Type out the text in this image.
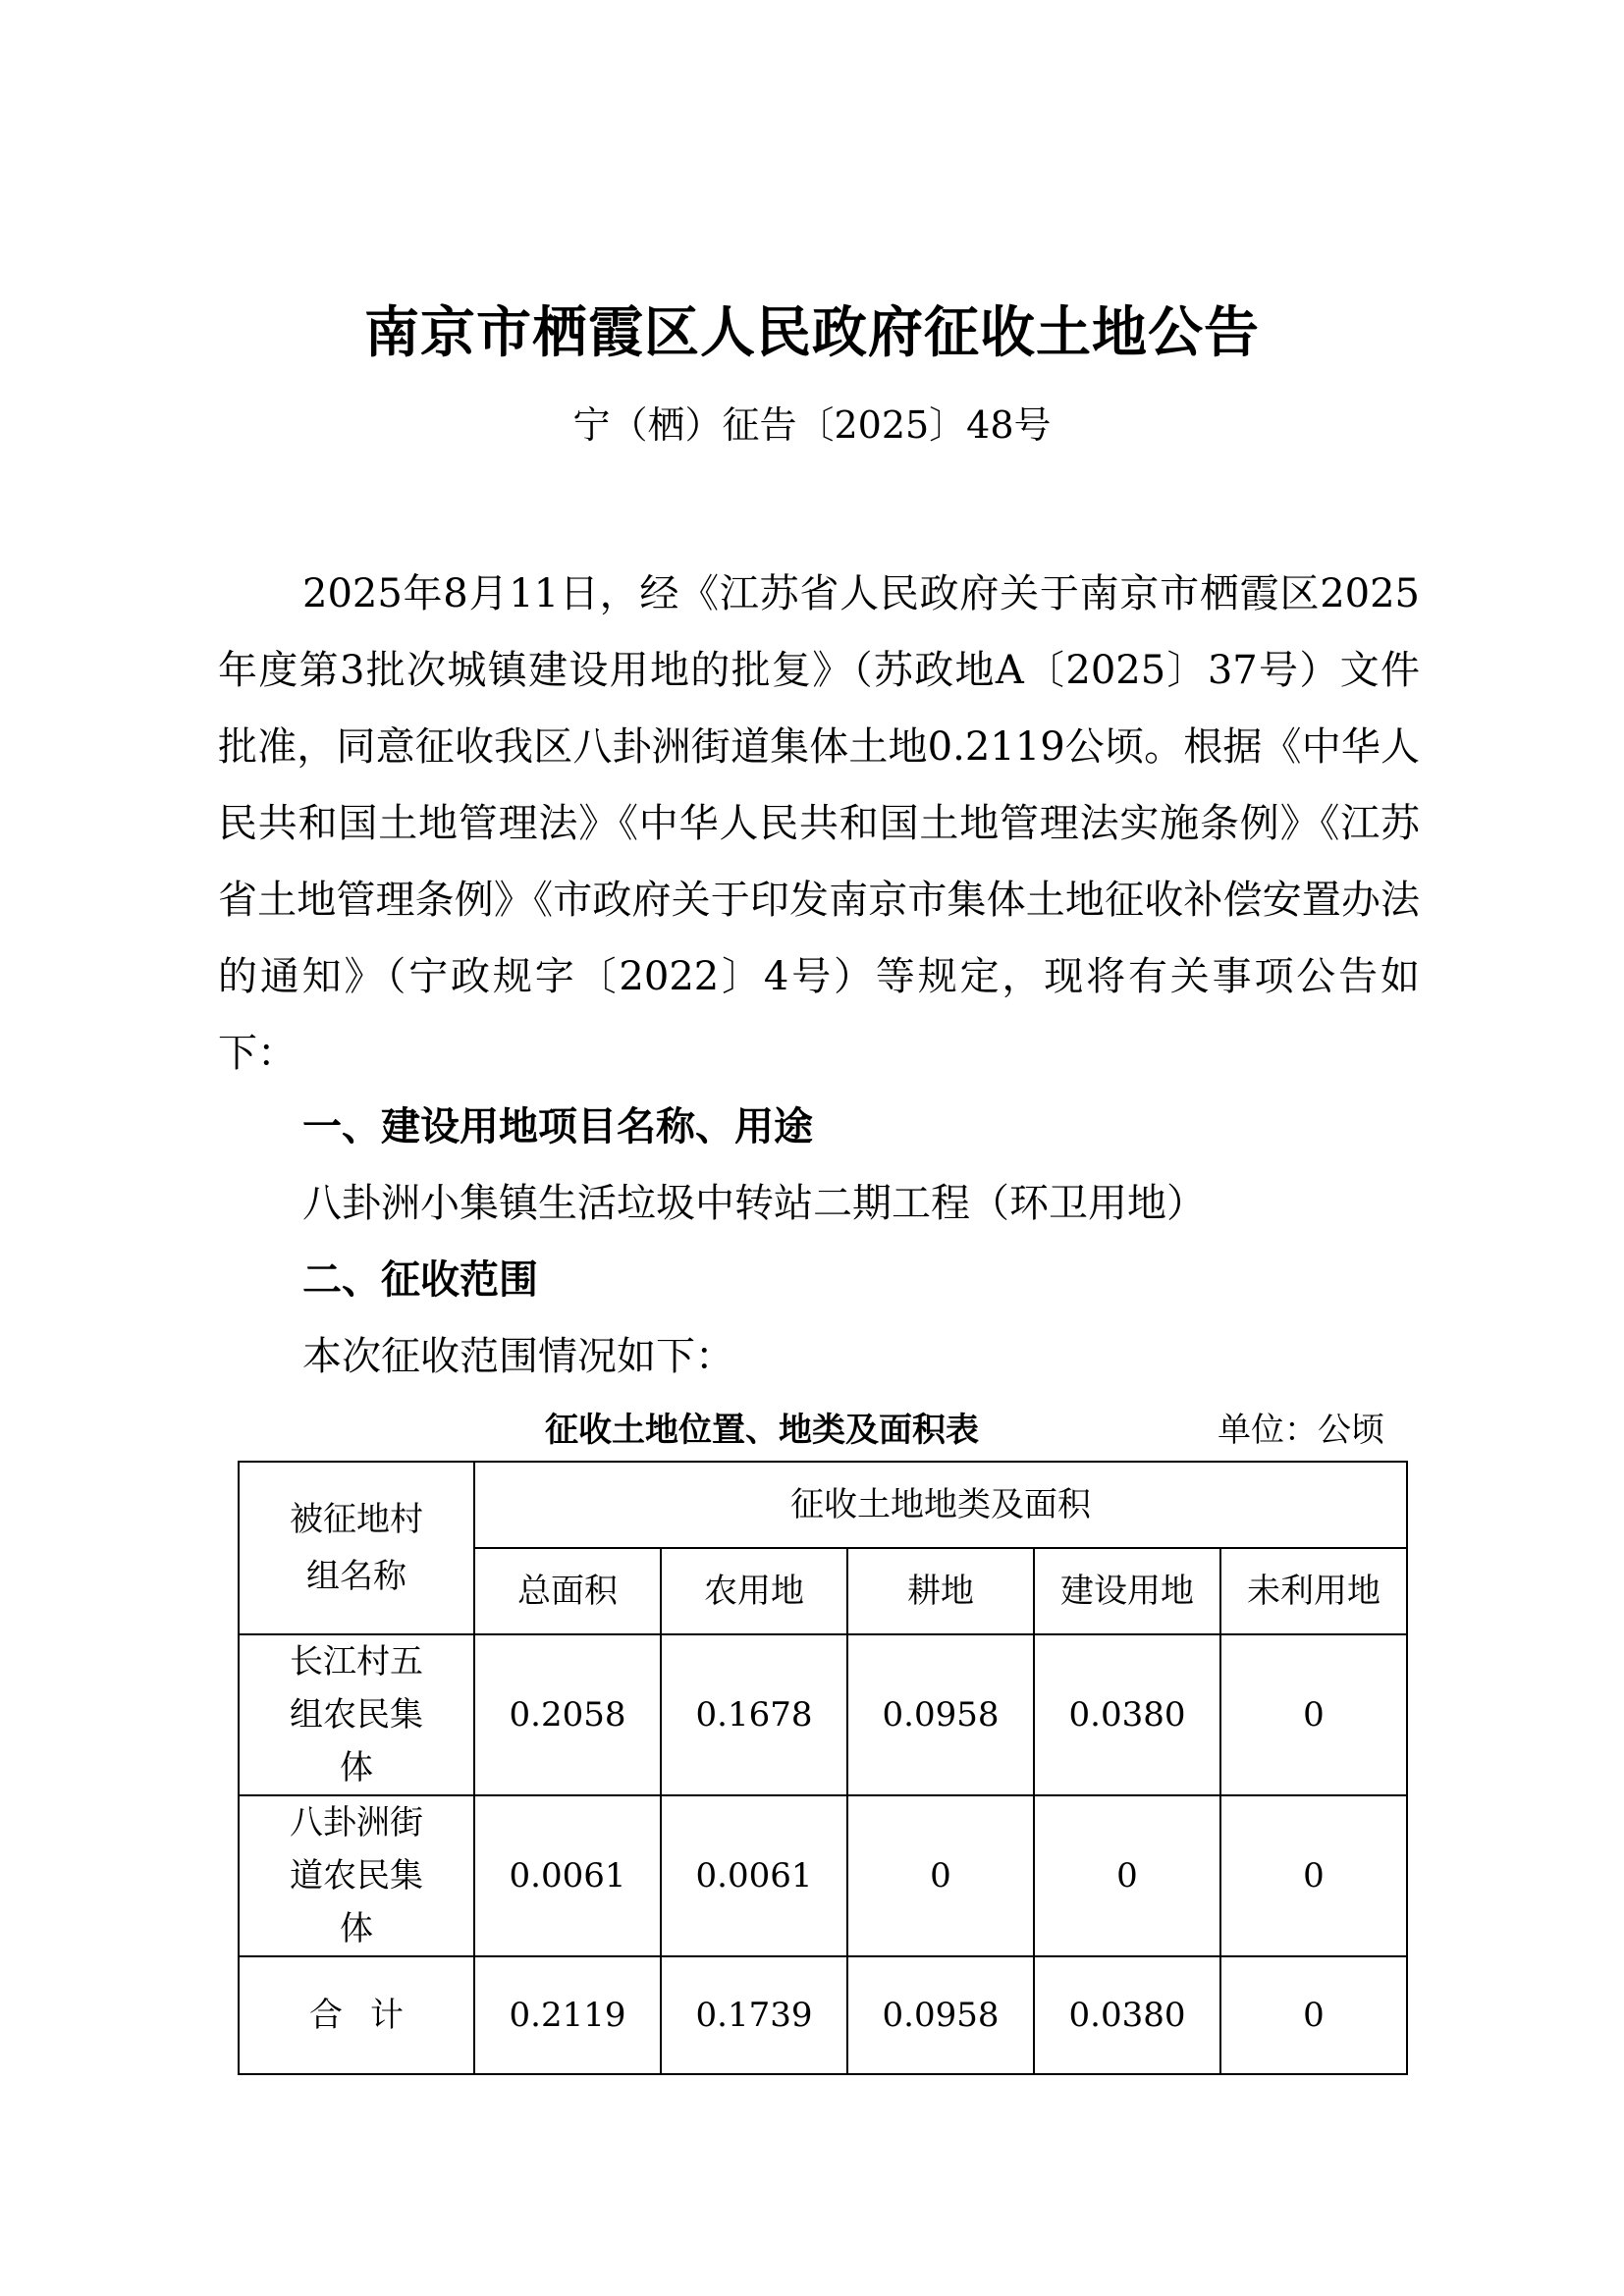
南京市栖霞区人民政府征收土地公告
宁（栖）征告〔2025〕48号
2025年8月11日，经《江苏省人民政府关于南京市栖霞区2025年度第3批次城镇建设用地的批复》（苏政地A〔2025〕37号）文件批准，同意征收我区八卦洲街道集体土地0.2119公顷。根据《中华人民共和国土地管理法》《中华人民共和国土地管理法实施条例》《江苏省土地管理条例》《市政府关于印发南京市集体土地征收补偿安置办法的通知》（宁政规字〔2022〕4号）等规定，现将有关事项公告如下：
一、建设用地项目名称、用途
八卦洲小集镇生活垃圾中转站二期工程（环卫用地）
二、征收范围
本次征收范围情况如下：
征收土地位置、地类及面积表	单位：公顷
被征地村组名称	征收土地地类及面积				
	总面积	农用地	耕地	建设用地	未利用地

长江村五组农民集体	0.2058	0.1678	0.0958	0.0380	0

八卦洲街道农民集体	0.0061	0.0061	0	0	0
合计	0.2119	0.1739	0.0958	0.0380	0
